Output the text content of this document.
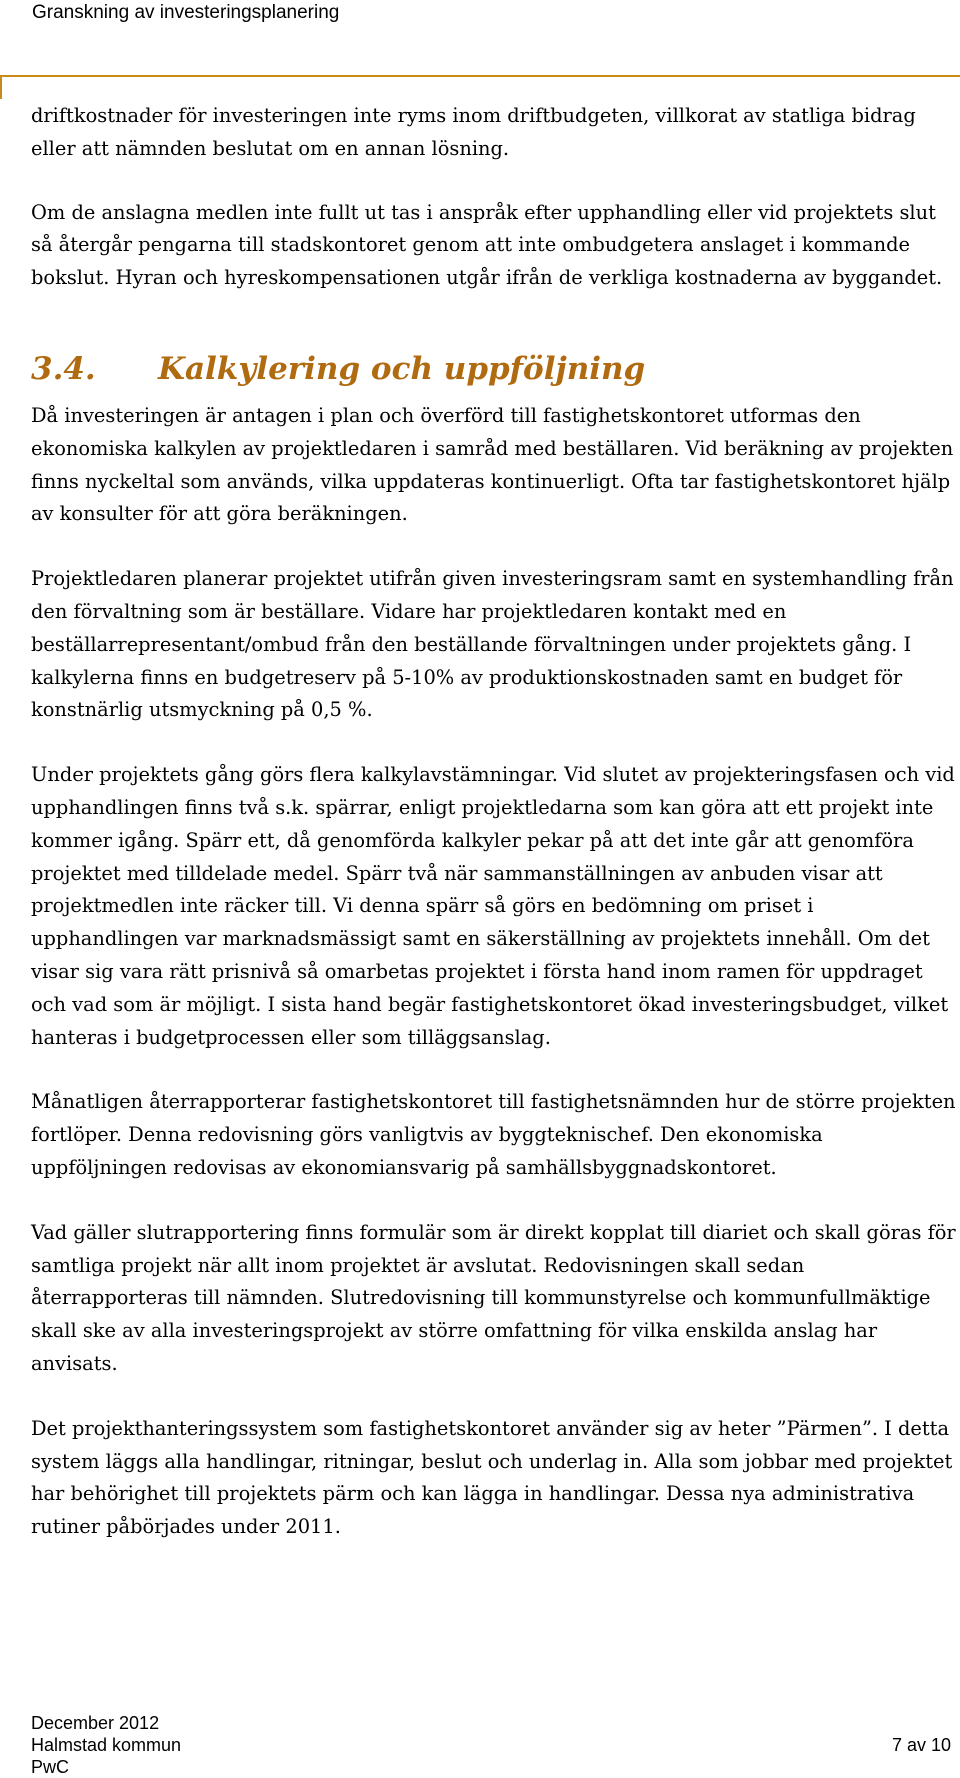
Granskning av investeringsplanering

driftkostnader för investeringen inte ryms inom driftbudgeten, villkorat av statliga bidrag eller att nämnden beslutat om en annan lösning.

Om de anslagna medlen inte fullt ut tas i anspråk efter upphandling eller vid projektets slut så återgår pengarna till stadskontoret genom att inte ombudgetera anslaget i kommande bokslut. Hyran och hyreskompensationen utgår ifrån de verkliga kostnaderna av byggandet.

3.4. Kalkylering och uppföljning

Då investeringen är antagen i plan och överförd till fastighetskontoret utformas den ekonomiska kalkylen av projektledaren i samråd med beställaren. Vid beräkning av projekten finns nyckeltal som används, vilka uppdateras kontinuerligt. Ofta tar fastighetskontoret hjälp av konsulter för att göra beräkningen.

Projektledaren planerar projektet utifrån given investeringsram samt en systemhandling från den förvaltning som är beställare. Vidare har projektledaren kontakt med en beställarrepresentant/ombud från den beställande förvaltningen under projektets gång. I kalkylerna finns en budgetreserv på 5-10% av produktionskostnaden samt en budget för konstnärlig utsmyckning på 0,5 %.

Under projektets gång görs flera kalkylavstämningar. Vid slutet av projekteringsfasen och vid upphandlingen finns två s.k. spärrar, enligt projektledarna som kan göra att ett projekt inte kommer igång. Spärr ett, då genomförda kalkyler pekar på att det inte går att genomföra projektet med tilldelade medel. Spärr två när sammanställningen av anbuden visar att projektmedlen inte räcker till. Vi denna spärr så görs en bedömning om priset i upphandlingen var marknadsmässigt samt en säkerställning av projektets innehåll. Om det visar sig vara rätt prisnivå så omarbetas projektet i första hand inom ramen för uppdraget och vad som är möjligt. I sista hand begär fastighetskontoret ökad investeringsbudget, vilket hanteras i budgetprocessen eller som tilläggsanslag.

Månatligen återrapporterar fastighetskontoret till fastighetsnämnden hur de större projekten fortlöper. Denna redovisning görs vanligtvis av byggteknischef. Den ekonomiska uppföljningen redovisas av ekonomiansvarig på samhällsbyggnadskontoret.

Vad gäller slutrapportering finns formulär som är direkt kopplat till diariet och skall göras för samtliga projekt när allt inom projektet är avslutat. Redovisningen skall sedan återrapporteras till nämnden. Slutredovisning till kommunstyrelse och kommunfullmäktige skall ske av alla investeringsprojekt av större omfattning för vilka enskilda anslag har anvisats.

Det projekthanteringssystem som fastighetskontoret använder sig av heter ”Pärmen”. I detta system läggs alla handlingar, ritningar, beslut och underlag in. Alla som jobbar med projektet har behörighet till projektets pärm och kan lägga in handlingar. Dessa nya administrativa rutiner påbörjades under 2011.

December 2012
Halmstad kommun
PwC
7 av 10
